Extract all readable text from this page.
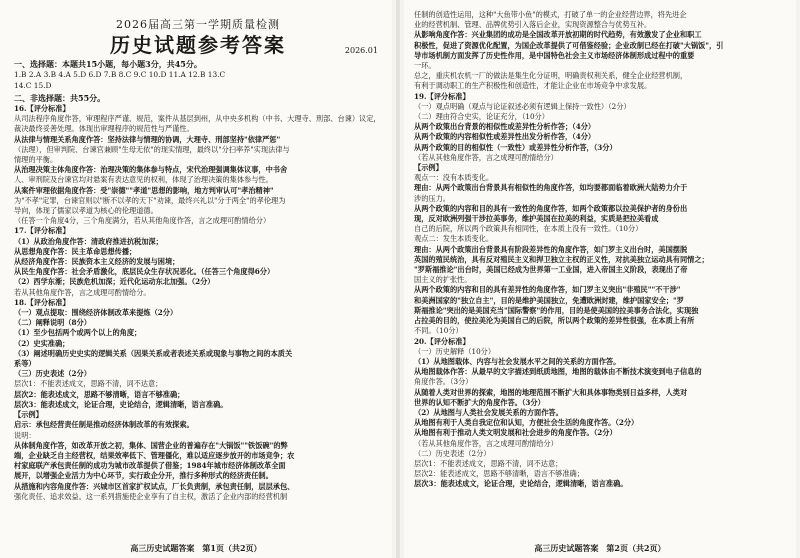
2026届高三第一学期质量检测
历史试题参考答案	2026.01
一、选择题：本题共15小题，每小题3分，共45分。
1.B 2.A 3.B 4.A 5.D 6.D 7.B 8.C 9.C 10.D 11.A 12.B 13.C
14.C 15.D
二、非选择题：共55分。
16.【评分标准】
从司法程序角度作答，审理程序严谨、规范，案件从基层到州，从中央多机构（中书、大理寺、刑部、台谏）议定，
裁决最终妥善处理。体现出审理程序的规范性与严谨性。
从法律与情理关系角度作答：坚持法律与情理的协调，大理寺、刑部坚持"依律严惩"
（法理），但审判院、台谏官兼顾"生母无依"的现实情理，最终以"分扫率养"实现法律与
情理的平衡。
从治理决策主体角度作答：治理决策的集体参与特点，宋代治理强调集体议事，中书舍
人、审刑院及台谏官均对悬案有表达意见的权利，体现了治理决策的集体参与性。
从案件审理依据角度作答：受"崇德""孝道"思想的影响，地方判审认可"孝治精神"
为"不孝"定罪，台谏官则以"断不以孝的天下"劝谏，最终兴礼以"分于两全"的孝伦理为
导向，体现了儒家以孝道为核心的伦理道德。
（任答一个角度4分，三个角度满分，若从其他角度作答，言之成理可酌情给分）
17.【评分标准】
（1）从政治角度作答：清政府推进抗税加深；
从思想角度作答：民主革命思想传播；
从经济角度作答：民族资本主义经济的发展与困境；
从民生角度作答：社会矛盾激化，底层民众生存状况恶化。（任答三个角度得6分）
（2）西学东渐；民族危机加深；近代化运动东北加强。（2分）
若从其他角度作答，言之成理可酌情给分。
18.【评分标准】
（一）观点提取：围绕经济体制改革来提炼（2分）
（二）阐释说明（8分）
（1）至少包括两个或两个以上的角度；
（2）史实准确；
（3）阐述明确历史史实的逻辑关系（因果关系或者表述关系或现象与事物之间的本质关
系等）
（三）历史表述（2分）
层次1：不能表述成文，思路不清，词不达意；
层次2：能表述成文，思路不够清晰，语言不够准确；
层次3：能表述成文，论证合理，史论结合，逻辑清晰，语言准确。
【示例】
启示：承包经营责任制是推动经济体制改革的有效探索。
说明：
从体制角度作答，如改革开放之初，集体、国营企业的普遍存在"大锅饭""铁饭碗"的弊
端，企业缺乏自主经营权，结果效率低下、管理僵化，难以适应逐步放开的市场竞争；农
村家庭联产承包责任制的成功为城市改革提供了借鉴；1984年城市经济体制改革全面
展开，以增强企业活力为中心环节，实行政企分开，推行多种形式的经济责任制。
从措施和内容角度作答：兴城市区首家扩权试点，厂长负责制，承包责任制，层层承包、
强化责任、追求效益。这一系列措施使企业享有了自主权，激活了企业内部的经营机制
高三历史试题答案　第1页（共2页）
任制的创造性运用，这种"大鱼带小鱼"的模式，打破了单一的企业经营边界，将先进企
业的经营机制、管理、品牌优势引入落后企业，实现资源整合与优势互补。
从影响角度作答：兴业集团的成功是全国改革开放初期的时代趋势，有效激发了企业和职工
积极性，促进了资源优化配置，为国企改革提供了可借鉴经验；企业改制已经在打破"大锅饭"，引
导市场机制方面发挥了历史性作用，是中国特色社会主义市场经济体制形成过程中的重要
一环。
总之，重庆机农机一厂的做法是集生化分证明，明确责权利关系，健全企业经营机制，
有利于调动职工的生产积极性和创造性，才能让企业在市场竞争中求发展。
19.【评分标准】
（一）观点明确（观点与论证叙述必须有逻辑上保持一致性）（2分）
（二）理由符合史实，论证充分，（10分）
从两个政策出台背景的相似性或差异性分析作答；（4分）
从两个政策的内容相似性或差异性出发分析作答，（4分）
从两个政策的目的相似性（一致性）或差异性分析作答，（3分）
（若从其他角度作答，言之成理可酌情给分）
【示例】
观点一：没有本质变化。
理由：从两个政策出台背景具有相似性的角度作答，如均要都面临着欧洲大陆势力介于
涉的压力。
从两个政策的内容和目的具有一致性的角度作答，如两个政策都以拉美保护者的身份出
现，反对欧洲列强干涉拉美事务，维护美国在拉美的利益，实质是把拉美看成
自己的后院，所以两个政策具有相同性，在本质上没有一致性。（10分）
观点二：发生本质变化。
理由：从两个政策出台背景具有阶段差异性的角度作答，如门罗主义出台时，美国摆脱
英国的殖民统治，具有反对殖民主义和捍卫独立主权的正义性，对抗美独立运动具有同情之；
"罗斯福推论"出台时，美国已经成为世界第一工业国，进入帝国主义阶段，表现出了帝
国主义的扩张性。
从两个政策的内容和目的具有差异性的角度作答，如门罗主义突出"非殖民""不干涉"
和美洲国家的"独立自主"，目的是维护美国独立，免遭欧洲封建，维护国家安全；"罗
斯福推论"突出的是美国充当"国际警察"的作用，目的是使美国的拉美事务合法化，实现独
占拉美的目的，使拉美沦为美国自己的后院，所以两个政策的差异性很强，在本质上有所
不同。（10分）
20.【评分标准】
（一）历史解释（10分）
（1）从地图载体、内容与社会发展水平之间的关系的方面作答。
从地图载体作答：从最早的文字描述到纸质地图，地图的载体由不断技术演变到电子信息的
角度作答。（3分）
从随着人类对世界的探索，地图的地理范围不断扩大和具体事物类别日益多样，人类对
世界的认知不断扩大的角度作答。（3分）
（2）从地图与人类社会发展关系的方面作答。
从地图有利于人类自我定位和认知，方便社会生活的角度作答。（2分）
从地图有利于推动人类文明发展和社会进步的角度作答。（2分）
（若从其他角度作答，言之成理可酌情给分）
（二）历史表述（2分）
层次1：不能表述成文，思路不清，词不达意；
层次2：能表述成文，思路不够清晰，语言不够准确；
层次3：能表述成文，论证合理，史论结合，逻辑清晰，语言准确。
高三历史试题答案　第2页（共2页）
